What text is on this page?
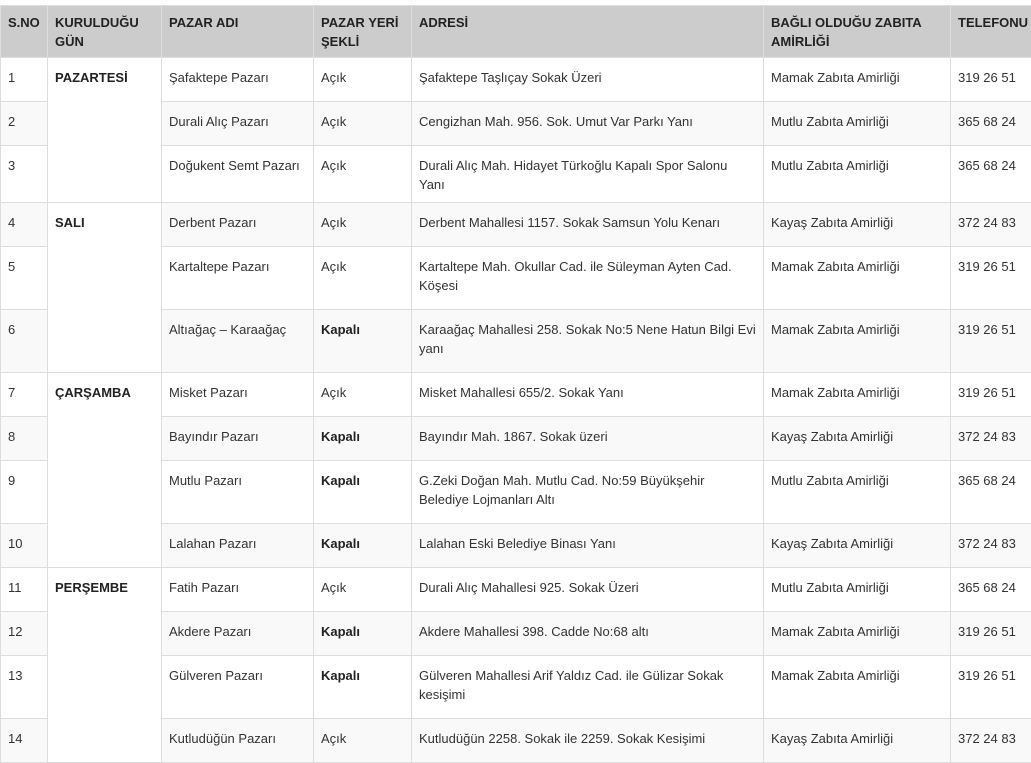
S.NO	KURULDUĞU GÜN	PAZAR ADI	PAZAR YERİ ŞEKLİ	ADRESİ	BAĞLI OLDUĞU ZABITA AMİRLİĞİ	TELEFONU
1	PAZARTESİ	Şafaktepe Pazarı	Açık	Şafaktepe Taşlıçay Sokak Üzeri	Mamak Zabıta Amirliği	319 26 51
2		Durali Alıç Pazarı	Açık	Cengizhan Mah. 956. Sok. Umut Var Parkı Yanı	Mutlu Zabıta Amirliği	365 68 24
3		Doğukent Semt Pazarı	Açık	Durali Alıç Mah. Hidayet Türkoğlu Kapalı Spor Salonu Yanı	Mutlu Zabıta Amirliği	365 68 24
4	SALI	Derbent Pazarı	Açık	Derbent Mahallesi 1157. Sokak Samsun Yolu Kenarı	Kayaş Zabıta Amirliği	372 24 83
5		Kartaltepe Pazarı	Açık	Kartaltepe Mah. Okullar Cad. ile Süleyman Ayten Cad. Köşesi	Mamak Zabıta Amirliği	319 26 51
6		Altıağaç – Karaağaç	Kapalı	Karaağaç Mahallesi 258. Sokak No:5 Nene Hatun Bilgi Evi yanı	Mamak Zabıta Amirliği	319 26 51
7	ÇARŞAMBA	Misket Pazarı	Açık	Misket Mahallesi 655/2. Sokak Yanı	Mamak Zabıta Amirliği	319 26 51
8		Bayındır Pazarı	Kapalı	Bayındır Mah. 1867. Sokak üzeri	Kayaş Zabıta Amirliği	372 24 83
9		Mutlu Pazarı	Kapalı	G.Zeki Doğan Mah. Mutlu Cad. No:59 Büyükşehir Belediye Lojmanları Altı	Mutlu Zabıta Amirliği	365 68 24
10		Lalahan Pazarı	Kapalı	Lalahan Eski Belediye Binası Yanı	Kayaş Zabıta Amirliği	372 24 83
11	PERŞEMBE	Fatih Pazarı	Açık	Durali Alıç Mahallesi 925. Sokak Üzeri	Mutlu Zabıta Amirliği	365 68 24
12		Akdere Pazarı	Kapalı	Akdere Mahallesi 398. Cadde No:68 altı	Mamak Zabıta Amirliği	319 26 51
13		Gülveren Pazarı	Kapalı	Gülveren Mahallesi Arif Yaldız Cad. ile Gülizar Sokak kesişimi	Mamak Zabıta Amirliği	319 26 51
14		Kutludüğün Pazarı	Açık	Kutludüğün 2258. Sokak ile 2259. Sokak Kesişimi	Kayaş Zabıta Amirliği	372 24 83
